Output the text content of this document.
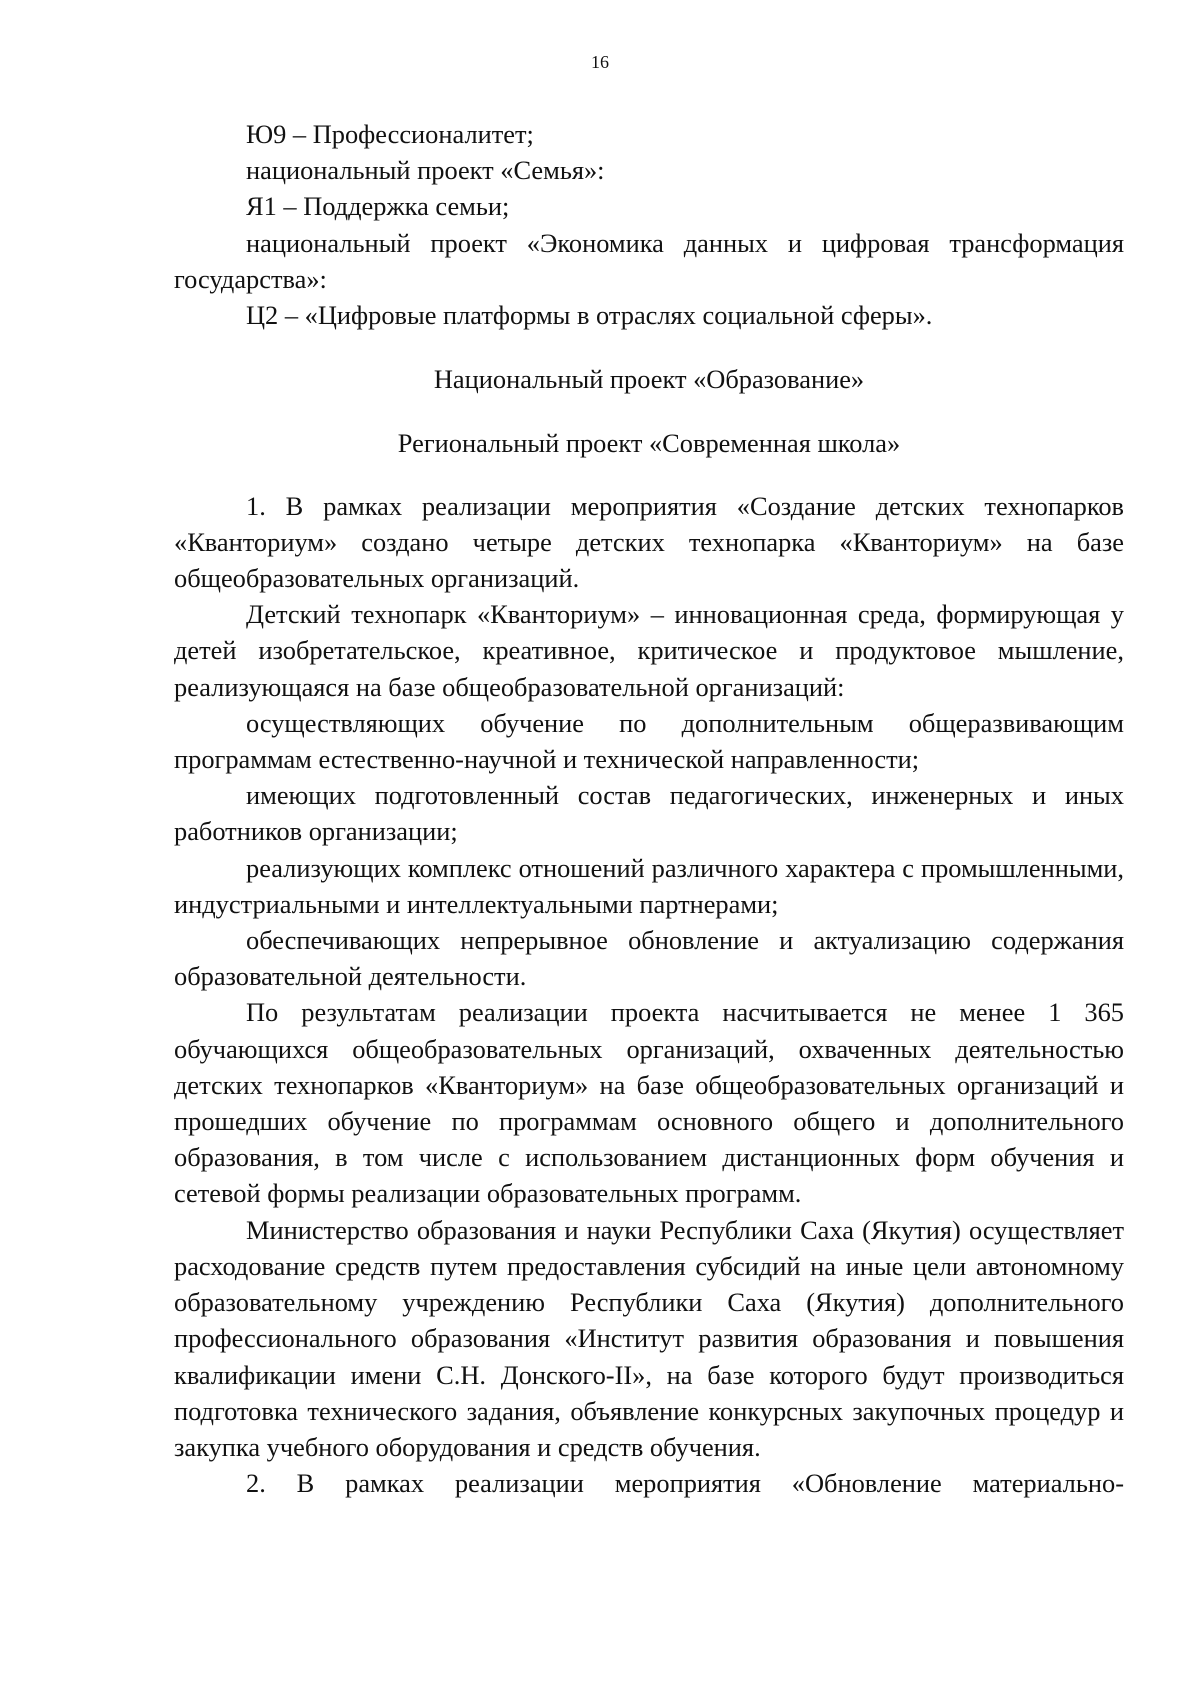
16

Ю9 – Профессионалитет;

национальный проект «Семья»:

Я1 – Поддержка семьи;

национальный проект «Экономика данных и цифровая трансформация государства»:

Ц2 – «Цифровые платформы в отраслях социальной сферы».

Национальный проект «Образование»

Региональный проект «Современная школа»

1. В рамках реализации мероприятия «Создание детских технопарков «Кванториум» создано четыре детских технопарка «Кванториум» на базе общеобразовательных организаций.

Детский технопарк «Кванториум» – инновационная среда, формирующая у детей изобретательское, креативное, критическое и продуктовое мышление, реализующаяся на базе общеобразовательной организаций:

осуществляющих обучение по дополнительным общеразвивающим программам естественно-научной и технической направленности;

имеющих подготовленный состав педагогических, инженерных и иных работников организации;

реализующих комплекс отношений различного характера с промышленными, индустриальными и интеллектуальными партнерами;

обеспечивающих непрерывное обновление и актуализацию содержания образовательной деятельности.

По результатам реализации проекта насчитывается не менее 1 365 обучающихся общеобразовательных организаций, охваченных деятельностью детских технопарков «Кванториум» на базе общеобразовательных организаций и прошедших обучение по программам основного общего и дополнительного образования, в том числе с использованием дистанционных форм обучения и сетевой формы реализации образовательных программ.

Министерство образования и науки Республики Саха (Якутия) осуществляет расходование средств путем предоставления субсидий на иные цели автономному образовательному учреждению Республики Саха (Якутия) дополнительного профессионального образования «Институт развития образования и повышения квалификации имени С.Н. Донского-II», на базе которого будут производиться подготовка технического задания, объявление конкурсных закупочных процедур и закупка учебного оборудования и средств обучения.

2. В рамках реализации мероприятия «Обновление материально-
